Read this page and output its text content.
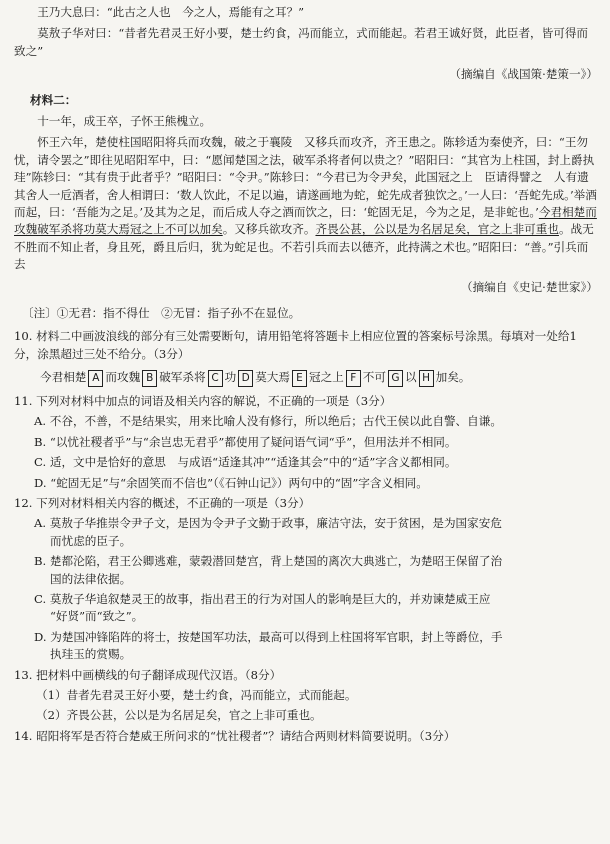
王乃大息曰：“此古之人也　今之人，焉能有之耳？”

莫敖子华对曰：“昔者先君灵王好小要，楚士约食，冯而能立，式而能起。若君王诚好贤，此臣者，皆可得而致之”

（摘编自《战国策·楚策一》）
材料二：

十一年，成王卒，子怀王熊槐立。

怀王六年，楚使柱国昭阳将兵而攻魏，破之于襄陵　又移兵而攻齐，齐王患之。陈轸适为秦使齐，曰：“王勿忧，请令罢之”即往见昭阳军中，曰：“愿闻楚国之法，破军杀将者何以贵之？”昭阳曰：“其官为上柱国，封上爵执珪”陈轸曰：“其有贵于此者乎？”昭阳曰：“令尹。”陈轸曰：“今君已为令尹矣，此国冠之上　臣请得譬之　人有遗其舍人一卮酒者，舍人相谓曰：‘数人饮此，不足以遍，请遂画地为蛇，蛇先成者独饮之。’一人曰：‘吾蛇先成。’举酒而起，曰：‘吾能为之足。’及其为之足，而后成人夺之酒而饮之，曰：‘蛇固无足，今为之足，是非蛇也。’今君相楚而攻魏破军杀将功莫大焉冠之上不可以加矣。又移兵欲攻齐。齐畏公甚，公以是为名居足矣，官之上非可重也。战无不胜而不知止者，身且死，爵且后归，犹为蛇足也。不若引兵而去以德齐，此持满之术也。”昭阳曰：“善。”引兵而去

（摘编自《史记·楚世家》）
〔注〕①无君：指不得仕　②无冒：指子孙不在显位。
10. 材料二中画波浪线的部分有三处需要断句，请用铅笔将答题卡上相应位置的答案标号涂黑。每填对一处给1分，涂黑超过三处不给分。（3分）
今君相楚 A 而攻魏 B 破军杀将 C 功 D 莫大焉 E 冠之上 F 不可 G 以 H 加矣。
11. 下列对材料中加点的词语及相关内容的解说，不正确的一项是（3分）
A. 不谷，不善，不是结果实，用来比喻人没有修行，所以绝后；古代王侯以此自警、自谦。
B. “以忧社稷者乎”与“余岂忠无君乎”都使用了疑问语气词“乎”，但用法并不相同。
C. 适，文中是恰好的意思　与成语“适逢其冲”“适逢其会”中的“适”字含义都相同。
D. “蛇固无足”与“余固笑而不信也”（《石钟山记》）两句中的“固”字含义相同。
12. 下列对材料相关内容的概述，不正确的一项是（3分）
A. 莫敖子华推崇令尹子文，是因为令尹子文勤于政事，廉洁守法，安于贫困，是为国家安危
而忧虑的臣子。
B. 楚都沦陷，君王公卿逃难，蒙榖潜回楚宫，背上楚国的离次大典逃亡，为楚昭王保留了治
国的法律依据。
C. 莫敖子华追叙楚灵王的故事，指出君王的行为对国人的影响是巨大的，并劝谏楚威王应
“好贤”而“致之”。
D. 为楚国冲锋陷阵的将士，按楚国军功法，最高可以得到上柱国将军官职，封上等爵位，手
执珪玉的赏赐。
13. 把材料中画横线的句子翻译成现代汉语。（8分）
（1）昔者先君灵王好小要，楚士约食，冯而能立，式而能起。
（2）齐畏公甚，公以是为名居足矣，官之上非可重也。
14. 昭阳将军是否符合楚威王所问求的“忧社稷者”？请结合两则材料简要说明。（3分）
